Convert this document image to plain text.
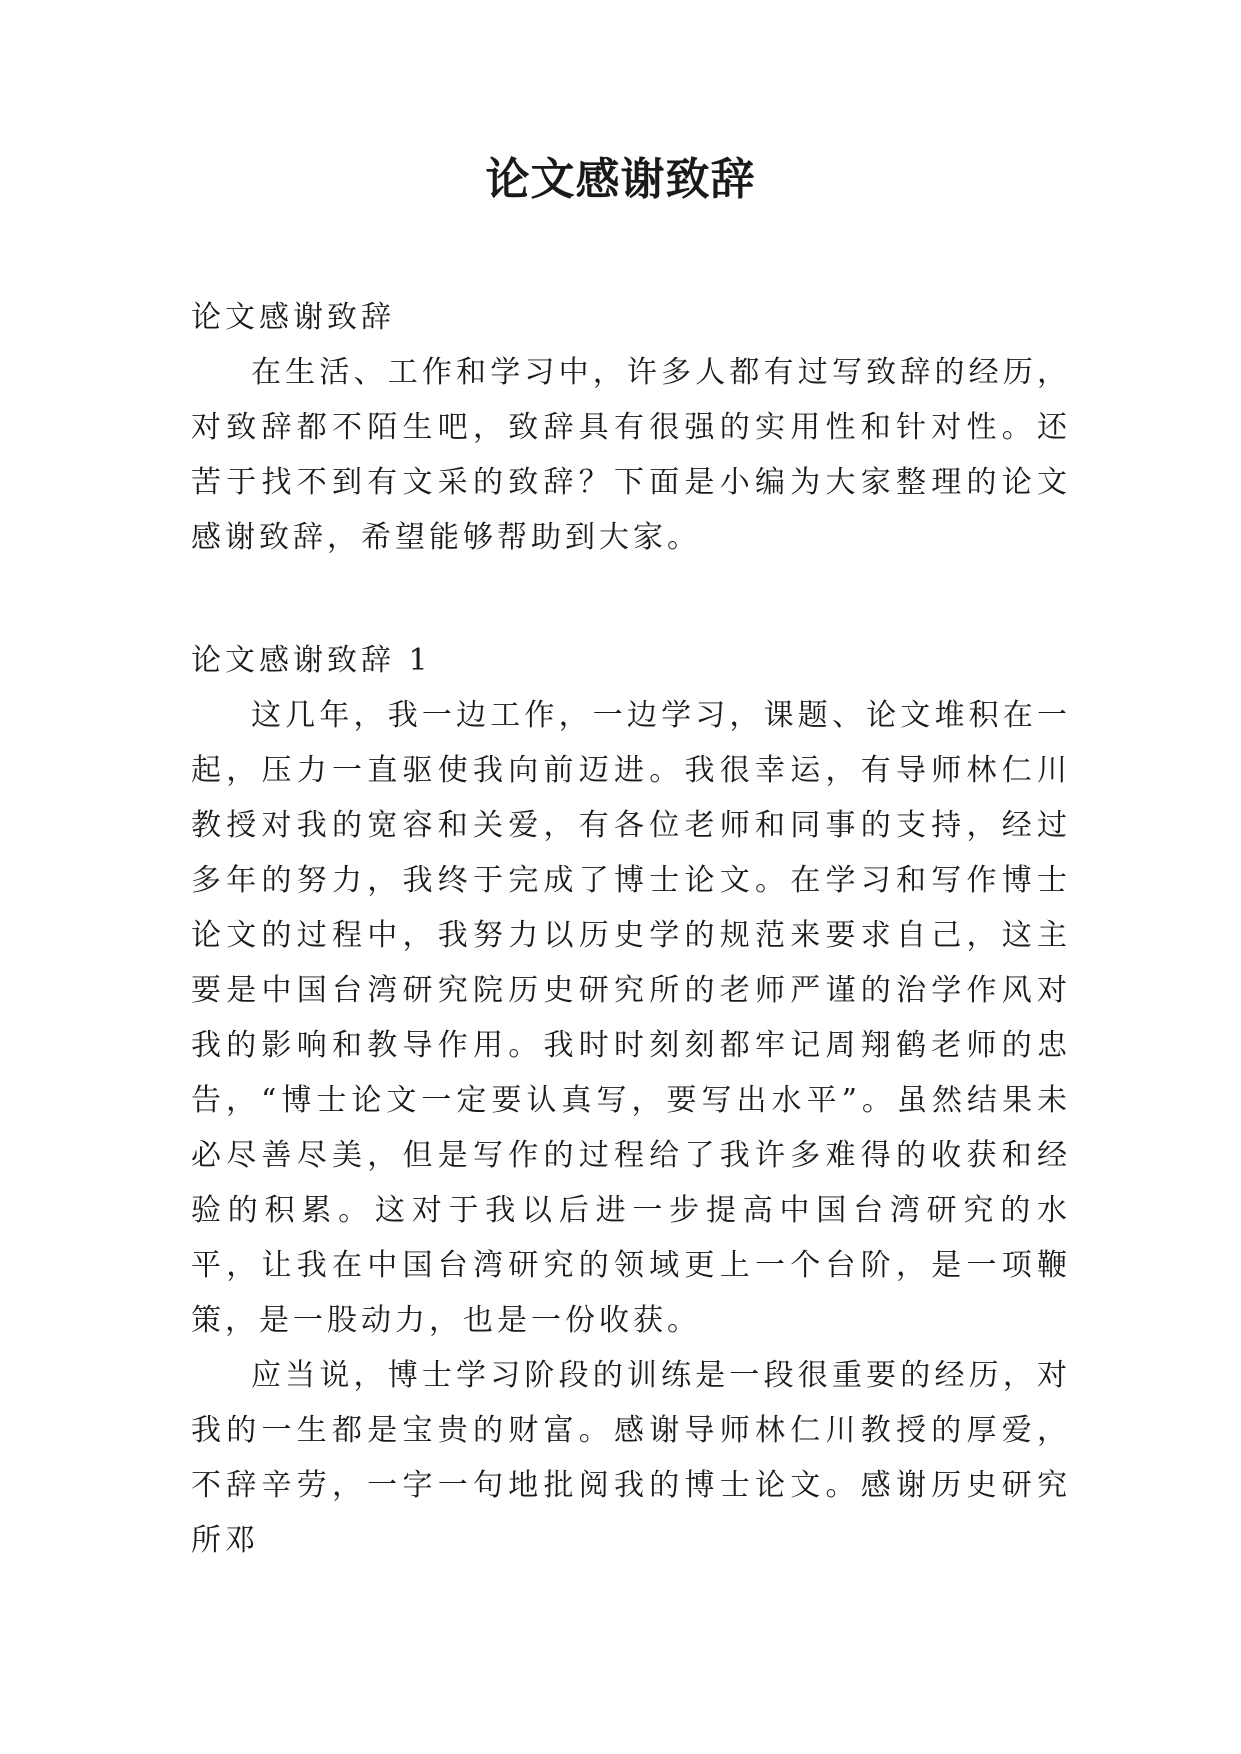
论文感谢致辞

论文感谢致辞

在生活、工作和学习中，许多人都有过写致辞的经历，对致辞都不陌生吧，致辞具有很强的实用性和针对性。还苦于找不到有文采的致辞？下面是小编为大家整理的论文感谢致辞，希望能够帮助到大家。

论文感谢致辞 1

这几年，我一边工作，一边学习，课题、论文堆积在一起，压力一直驱使我向前迈进。我很幸运，有导师林仁川教授对我的宽容和关爱，有各位老师和同事的支持，经过多年的努力，我终于完成了博士论文。在学习和写作博士论文的过程中，我努力以历史学的规范来要求自己，这主要是中国台湾研究院历史研究所的老师严谨的治学作风对我的影响和教导作用。我时时刻刻都牢记周翔鹤老师的忠告，“博士论文一定要认真写，要写出水平”。虽然结果未必尽善尽美，但是写作的过程给了我许多难得的收获和经验的积累。这对于我以后进一步提高中国台湾研究的水平，让我在中国台湾研究的领域更上一个台阶，是一项鞭策，是一股动力，也是一份收获。

应当说，博士学习阶段的训练是一段很重要的经历，对我的一生都是宝贵的财富。感谢导师林仁川教授的厚爱，不辞辛劳，一字一句地批阅我的博士论文。感谢历史研究所邓
